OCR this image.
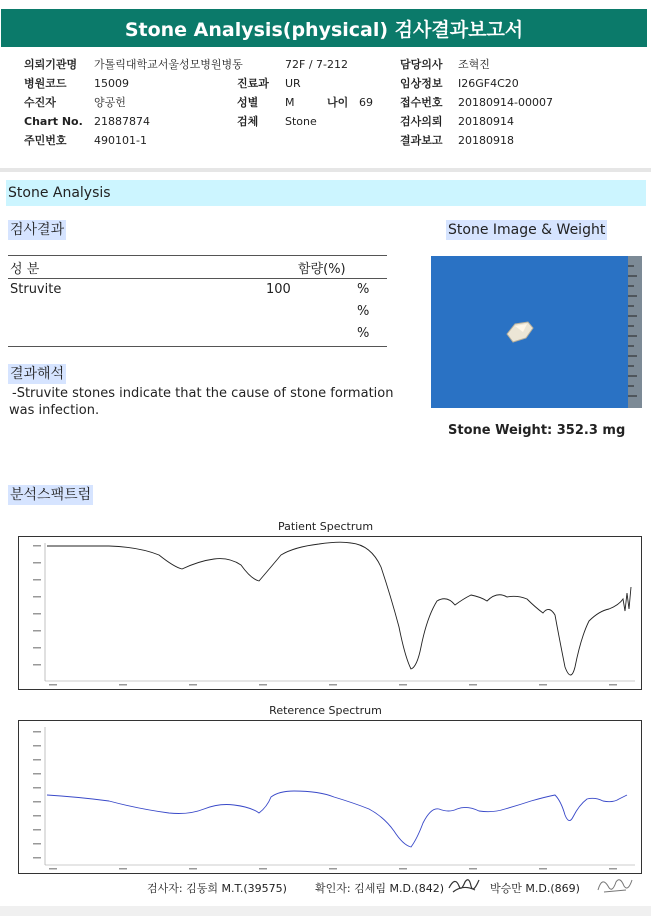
Stone Analysis(physical) 검사결과보고서
의뢰기관명 가톨릭대학교서울성모병원병동
병원코드 15009
수진자	양공헌
Chart No. 21887874
주민번호 490101-1
72F / 7-212
진료과 UR
성별 M	나이 69
검체 Stone
담당의사 조혁진
임상정보 I26GF4C20
접수번호 20180914-00007
검사의뢰 20180914
결과보고 20180918
Stone Analysis
검사결과	Stone Image & Weight
성 분	함량(%)
Struvite	100	%
%
%
결과해석
-Struvite stones indicate that the cause of stone formation
was infection.
Stone Weight: 352.3 mg
분석스팩트럼
Patient Spectrum
Reterence Spectrum
검사자: 김동희 M.T.(39575)	확인자: 김세림 M.D.(842)	박승만 M.D.(869)
